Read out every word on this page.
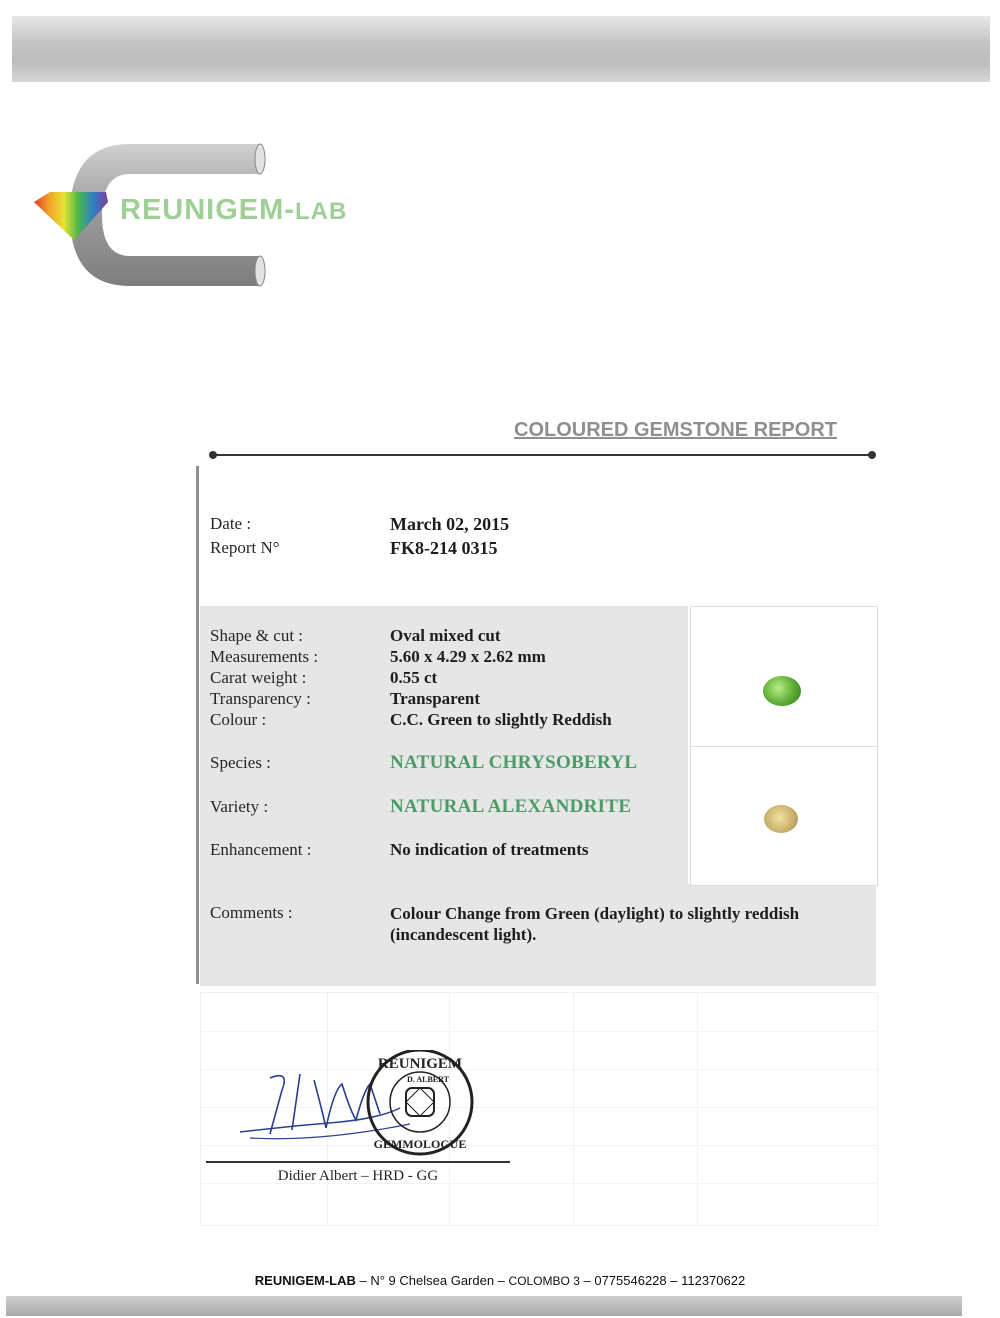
REUNIGEM-LAB
COLOURED GEMSTONE REPORT
Date :	March 02, 2015
Report N°	FK8-214 0315
Shape & cut :	Oval mixed cut
Measurements :	5.60 x 4.29 x 2.62 mm
Carat weight :	0.55 ct
Transparency :	Transparent
Colour :	C.C. Green to slightly Reddish
Species :	NATURAL CHRYSOBERYL
Variety :	NATURAL ALEXANDRITE
Enhancement :	No indication of treatments
Comments :	Colour Change from Green (daylight) to slightly reddish (incandescent light).
REUNIGEM
D. ALBERT
GEMMOLOGUE
Didier Albert – HRD - GG
REUNIGEM-LAB – N° 9 Chelsea Garden – COLOMBO 3 – 0775546228 – 112370622
